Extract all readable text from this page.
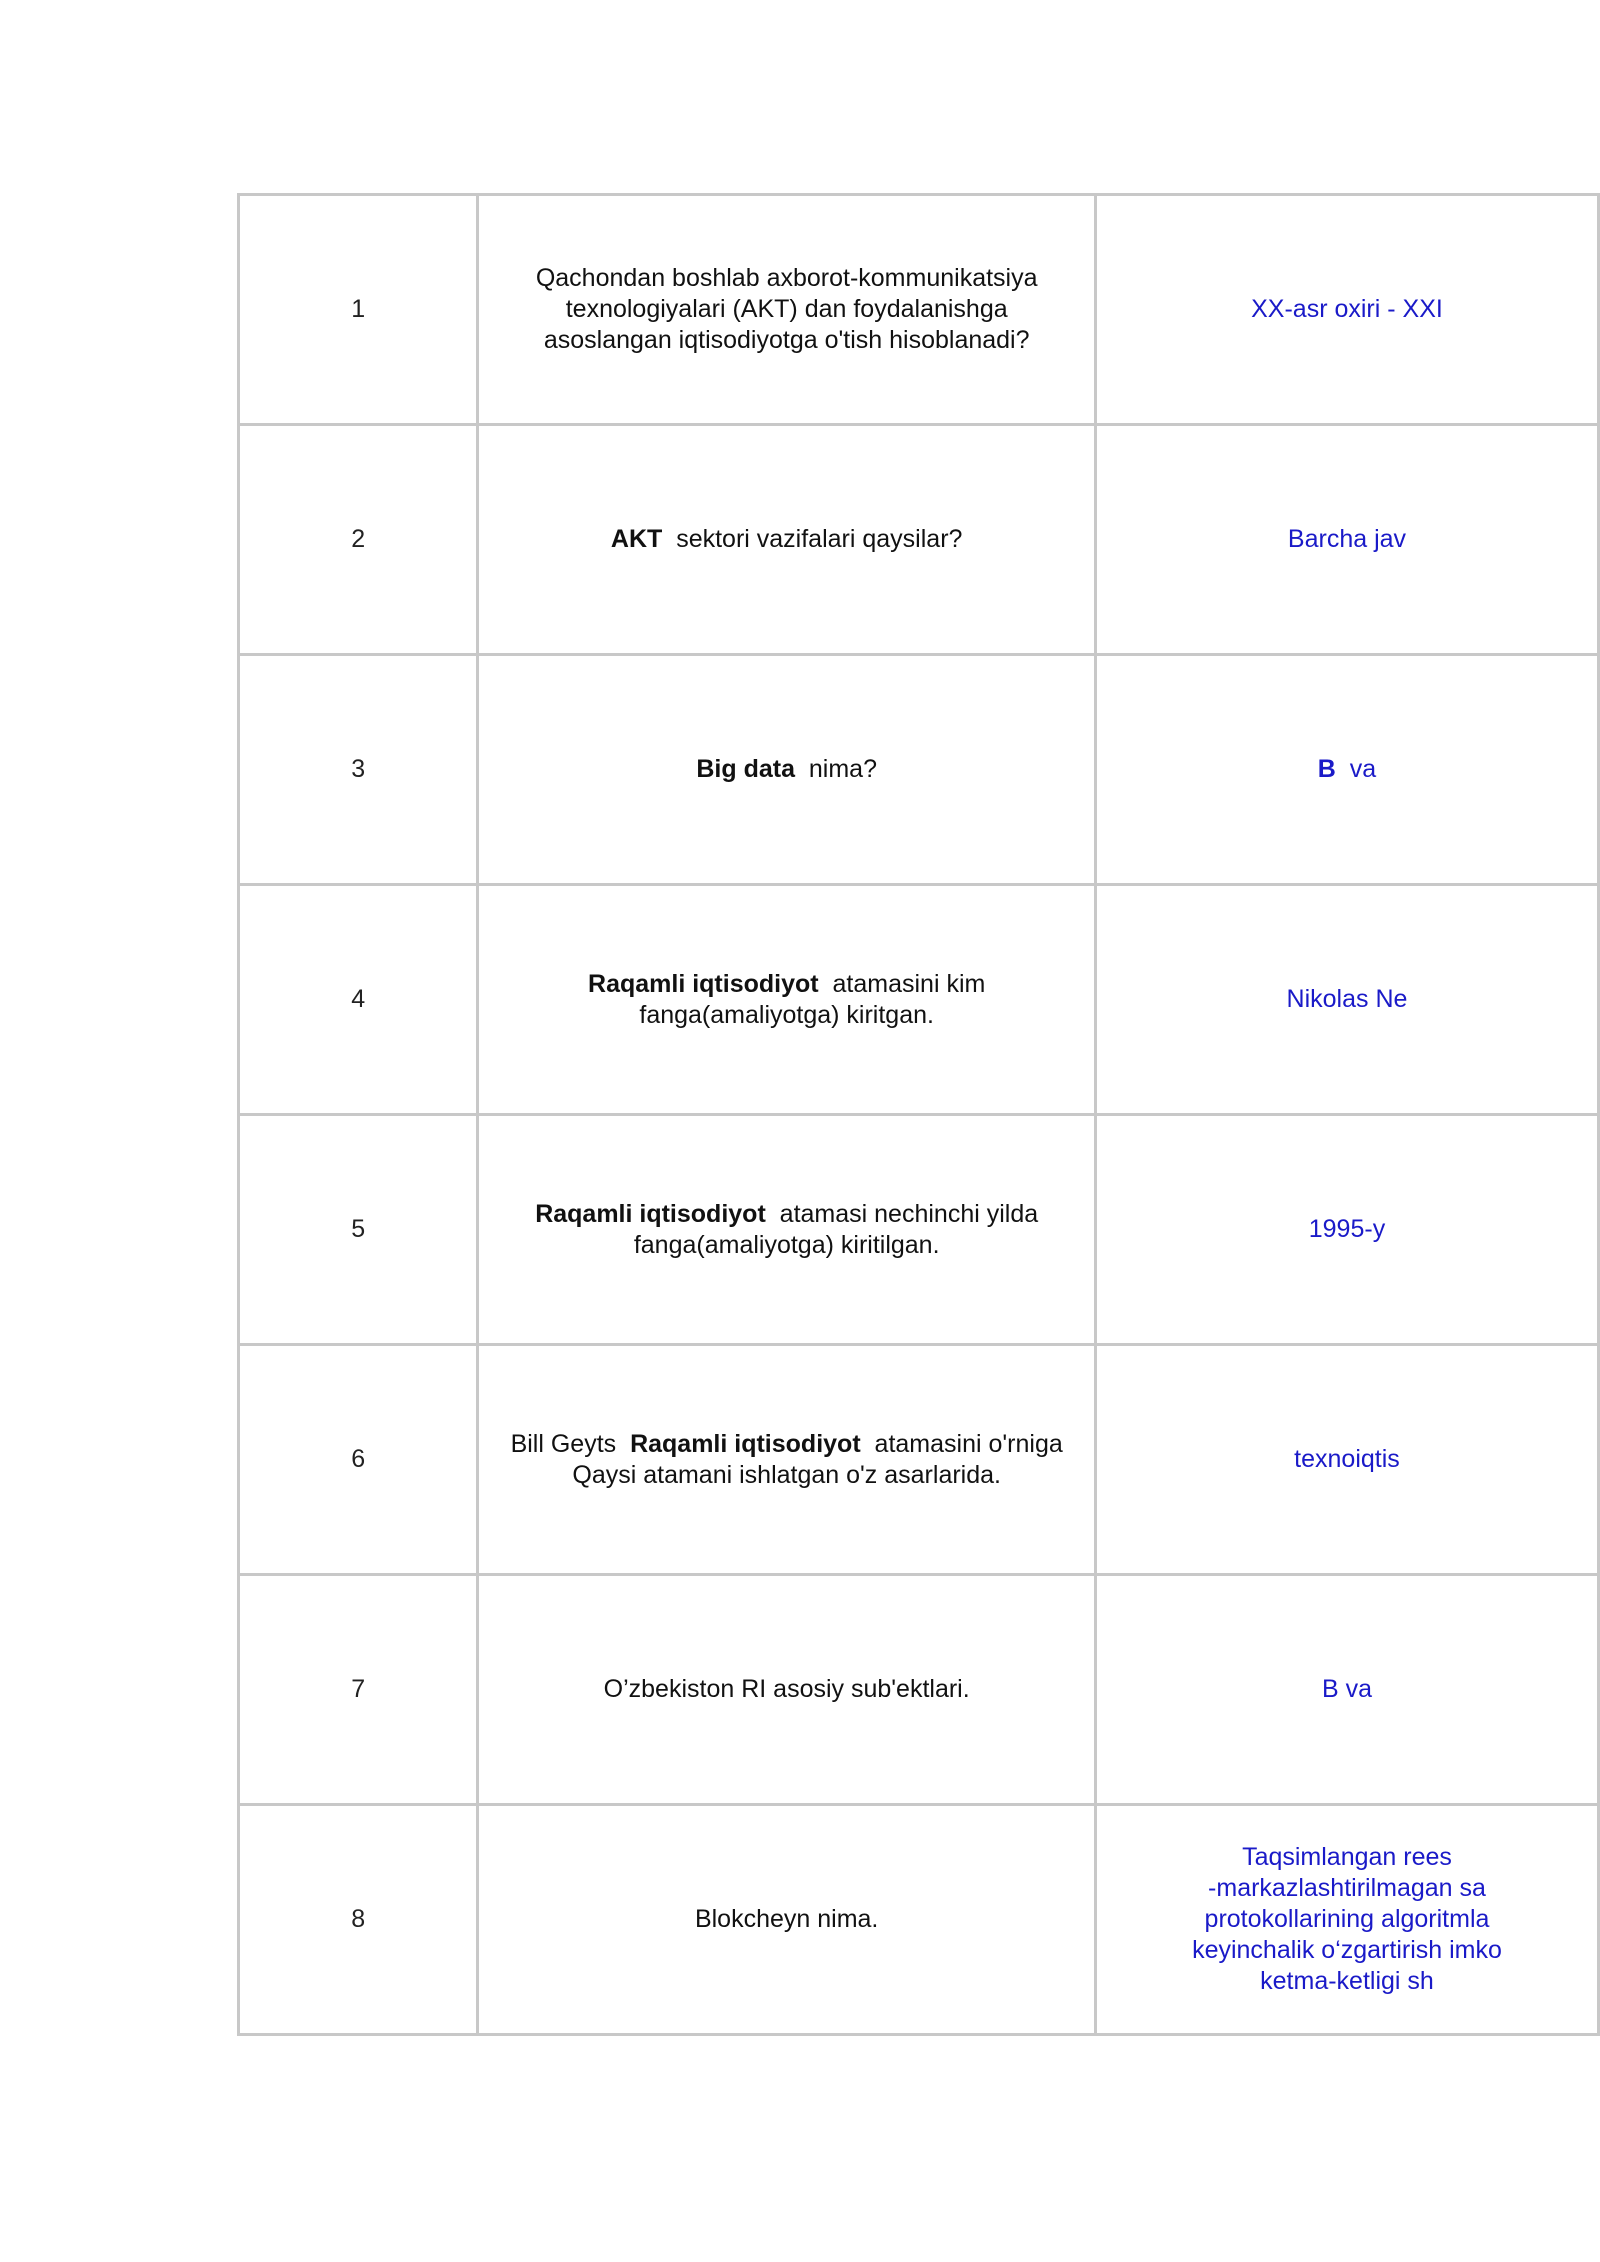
1	Qachondan boshlab axborot-kommunikatsiya texnologiyalari (AKT) dan foydalanishga asoslangan iqtisodiyotga o'tish hisoblanadi?	XX-asr oxiri - XXI

2	AKT  sektori vazifalari qaysilar?	Barcha jav

3	Big data  nima?	B  va

4	Raqamli iqtisodiyot  atamasini kim fanga(amaliyotga) kiritgan.	Nikolas Ne

5	Raqamli iqtisodiyot  atamasi nechinchi yilda fanga(amaliyotga) kiritilgan.	1995-y

6	Bill Geyts  Raqamli iqtisodiyot  atamasini o'rniga Qaysi atamani ishlatgan o'z asarlarida.	texnoiqtis

7	O’zbekiston RI asosiy sub'ektlari.	B va

8	Blokcheyn nima.	Taqsimlangan rees
-markazlashtirilmagan sa
protokollarining algoritmla
keyinchalik o‘zgartirish imko
ketma-ketligi sh
